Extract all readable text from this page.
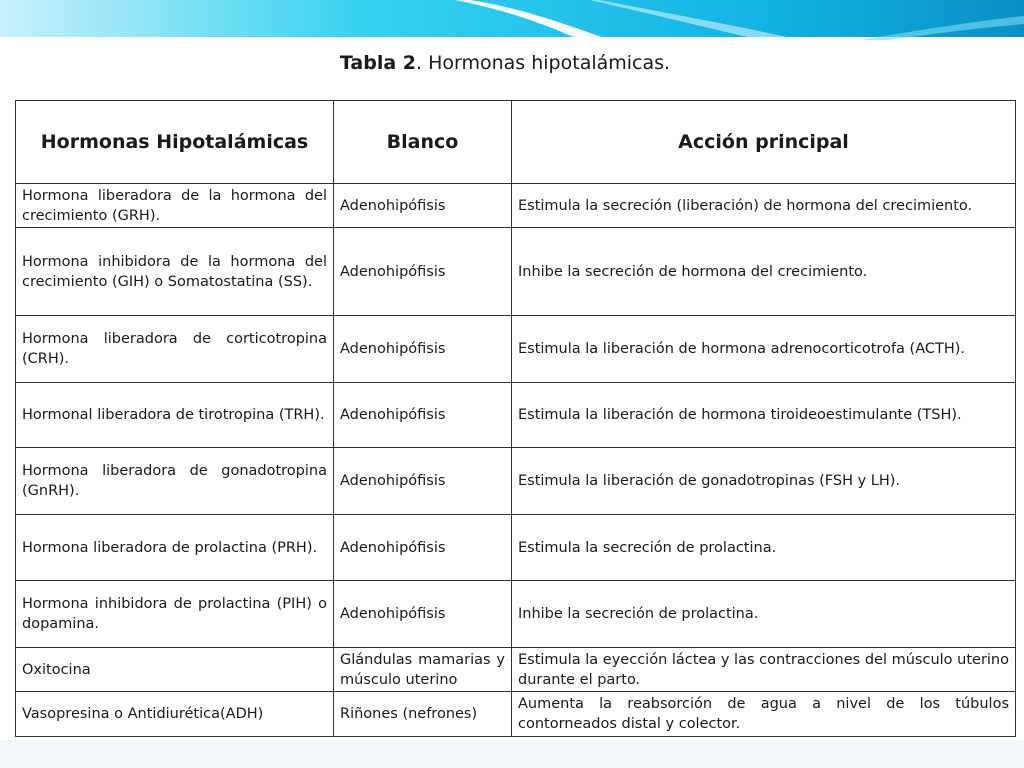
Tabla 2. Hormonas hipotalámicas.
Hormonas Hipotalámicas	Blanco	Acción principal
Hormona liberadora de la hormona del crecimiento (GRH).	Adenohipófisis	Estimula la secreción (liberación) de hormona del crecimiento.
Hormona inhibidora de la hormona del crecimiento (GIH) o Somatostatina (SS).	Adenohipófisis	Inhibe la secreción de hormona del crecimiento.
Hormona liberadora de corticotropina (CRH).	Adenohipófisis	Estimula la liberación de hormona adrenocorticotrofa (ACTH).
Hormonal liberadora de tirotropina (TRH).	Adenohipófisis	Estimula la liberación de hormona tiroideoestimulante (TSH).
Hormona liberadora de gonadotropina (GnRH).	Adenohipófisis	Estimula la liberación de gonadotropinas (FSH y LH).
Hormona liberadora de prolactina (PRH).	Adenohipófisis	Estimula la secreción de prolactina.
Hormona inhibidora de prolactina (PIH) o dopamina.	Adenohipófisis	Inhibe la secreción de prolactina.
Oxitocina	Glándulas mamarias y músculo uterino	Estimula la eyección láctea y las contracciones del músculo uterino durante el parto.
Vasopresina o Antidiurética(ADH)	Riñones (nefrones)	Aumenta la reabsorción de agua a nivel de los túbulos contorneados distal y colector.
